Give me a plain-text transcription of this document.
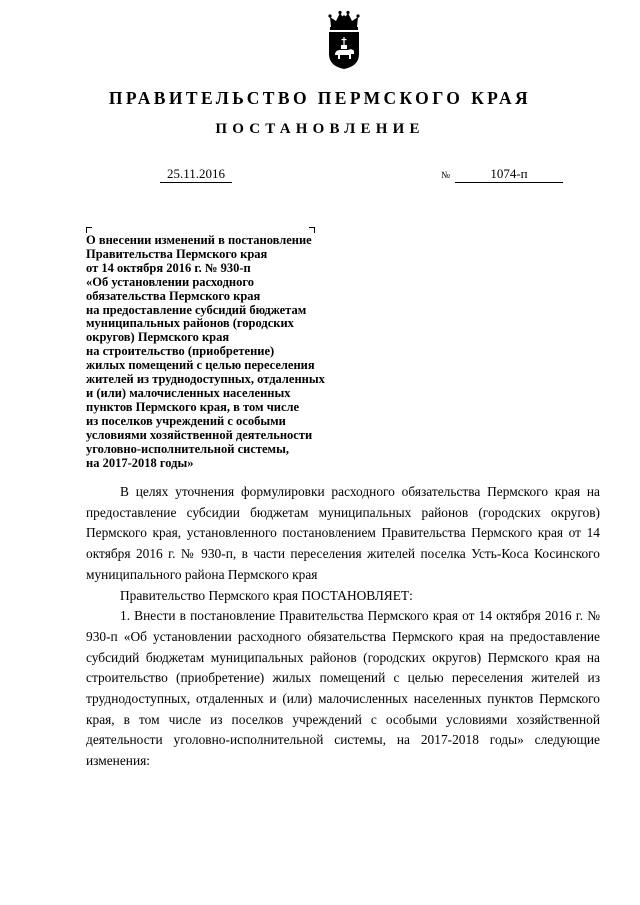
ПРАВИТЕЛЬСТВО ПЕРМСКОГО КРАЯ
ПОСТАНОВЛЕНИЕ
25.11.2016	№	1074-п
О внесении изменений в постановление
Правительства Пермского края
от 14 октября 2016 г. № 930-п
«Об установлении расходного
обязательства Пермского края
на предоставление субсидий бюджетам
муниципальных районов (городских
округов) Пермского края
на строительство (приобретение)
жилых помещений с целью переселения
жителей из труднодоступных, отдаленных
и (или) малочисленных населенных
пунктов Пермского края, в том числе
из поселков учреждений с особыми
условиями хозяйственной деятельности
уголовно-исполнительной системы,
на 2017-2018 годы»

В целях уточнения формулировки расходного обязательства Пермского края на предоставление субсидии бюджетам муниципальных районов (городских округов) Пермского края, установленного постановлением Правительства Пермского края от 14 октября 2016 г. № 930-п, в части переселения жителей поселка Усть-Коса Косинского муниципального района Пермского края

Правительство Пермского края ПОСТАНОВЛЯЕТ:

1. Внести в постановление Правительства Пермского края от 14 октября 2016 г. № 930-п «Об установлении расходного обязательства Пермского края на предоставление субсидий бюджетам муниципальных районов (городских округов) Пермского края на строительство (приобретение) жилых помещений с целью переселения жителей из труднодоступных, отдаленных и (или) малочисленных населенных пунктов Пермского края, в том числе из поселков учреждений с особыми условиями хозяйственной деятельности уголовно-исполнительной системы, на 2017-2018 годы» следующие изменения:
